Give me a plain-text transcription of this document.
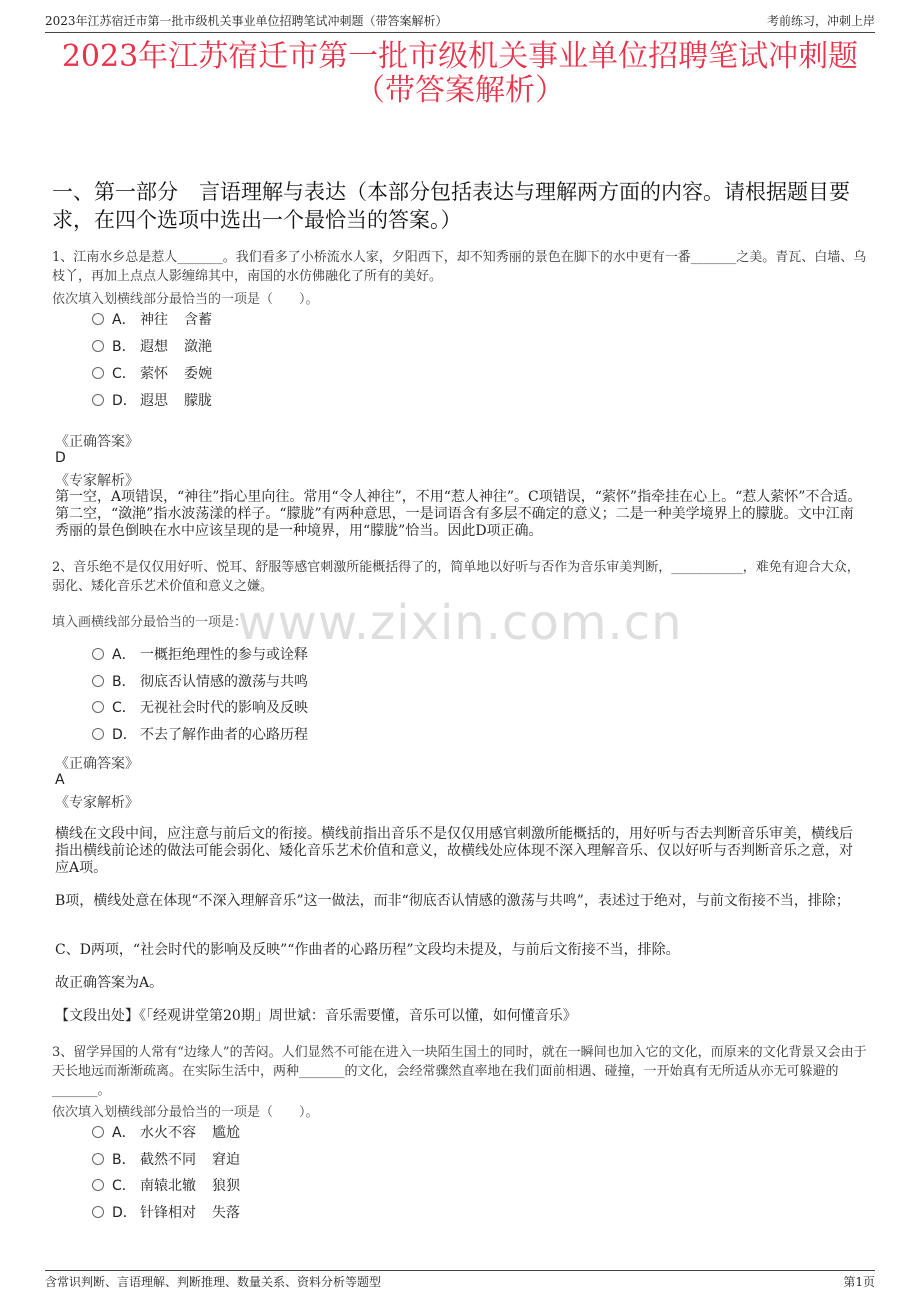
2023年江苏宿迁市第一批市级机关事业单位招聘笔试冲刺题（带答案解析）	考前练习，冲刺上岸
2023年江苏宿迁市第一批市级机关事业单位招聘笔试冲刺题（带答案解析）
一、第一部分　言语理解与表达（本部分包括表达与理解两方面的内容。请根据题目要求，在四个选项中选出一个最恰当的答案。）
www.zixin.com.cn
1、江南水乡总是惹人_______。我们看多了小桥流水人家，夕阳西下，却不知秀丽的景色在脚下的水中更有一番_______之美。青瓦、白墙、乌枝丫，再加上点点人影缠绵其中，南国的水仿佛融化了所有的美好。
依次填入划横线部分最恰当的一项是（　　）。
A． 神往 含蓄
B． 遐想 潋滟
C． 萦怀 委婉
D． 遐思 朦胧
《正确答案》
D
《专家解析》
第一空，A项错误，“神往”指心里向往。常用“令人神往”，不用“惹人神往”。C项错误，“萦怀”指牵挂在心上。“惹人萦怀”不合适。第二空，“潋滟”指水波荡漾的样子。“朦胧”有两种意思，一是词语含有多层不确定的意义；二是一种美学境界上的朦胧。文中江南秀丽的景色倒映在水中应该呈现的是一种境界，用“朦胧”恰当。因此D项正确。
2、音乐绝不是仅仅用好听、悦耳、舒服等感官刺激所能概括得了的，简单地以好听与否作为音乐审美判断，___________，难免有迎合大众，弱化、矮化音乐艺术价值和意义之嫌。
填入画横线部分最恰当的一项是：
A． 一概拒绝理性的参与或诠释
B． 彻底否认情感的激荡与共鸣
C． 无视社会时代的影响及反映
D． 不去了解作曲者的心路历程
《正确答案》
A
《专家解析》
横线在文段中间，应注意与前后文的衔接。横线前指出音乐不是仅仅用感官刺激所能概括的，用好听与否去判断音乐审美，横线后指出横线前论述的做法可能会弱化、矮化音乐艺术价值和意义，故横线处应体现不深入理解音乐、仅以好听与否判断音乐之意，对应A项。
B项，横线处意在体现“不深入理解音乐”这一做法，而非“彻底否认情感的激荡与共鸣”，表述过于绝对，与前文衔接不当，排除；
C、D两项，“社会时代的影响及反映”“作曲者的心路历程”文段均未提及，与前后文衔接不当，排除。
故正确答案为A。
【文段出处】《「经观讲堂第20期」周世斌：音乐需要懂，音乐可以懂，如何懂音乐》
3、留学异国的人常有“边缘人”的苦闷。人们显然不可能在进入一块陌生国土的同时，就在一瞬间也加入它的文化，而原来的文化背景又会由于天长地远而渐渐疏离。在实际生活中，两种_______的文化，会经常骤然直率地在我们面前相遇、碰撞，一开始真有无所适从亦无可躲避的_______。
依次填入划横线部分最恰当的一项是（　　）。
A． 水火不容 尴尬
B． 截然不同 窘迫
C． 南辕北辙 狼狈
D． 针锋相对 失落
含常识判断、言语理解、判断推理、数量关系、资料分析等题型	第1页
